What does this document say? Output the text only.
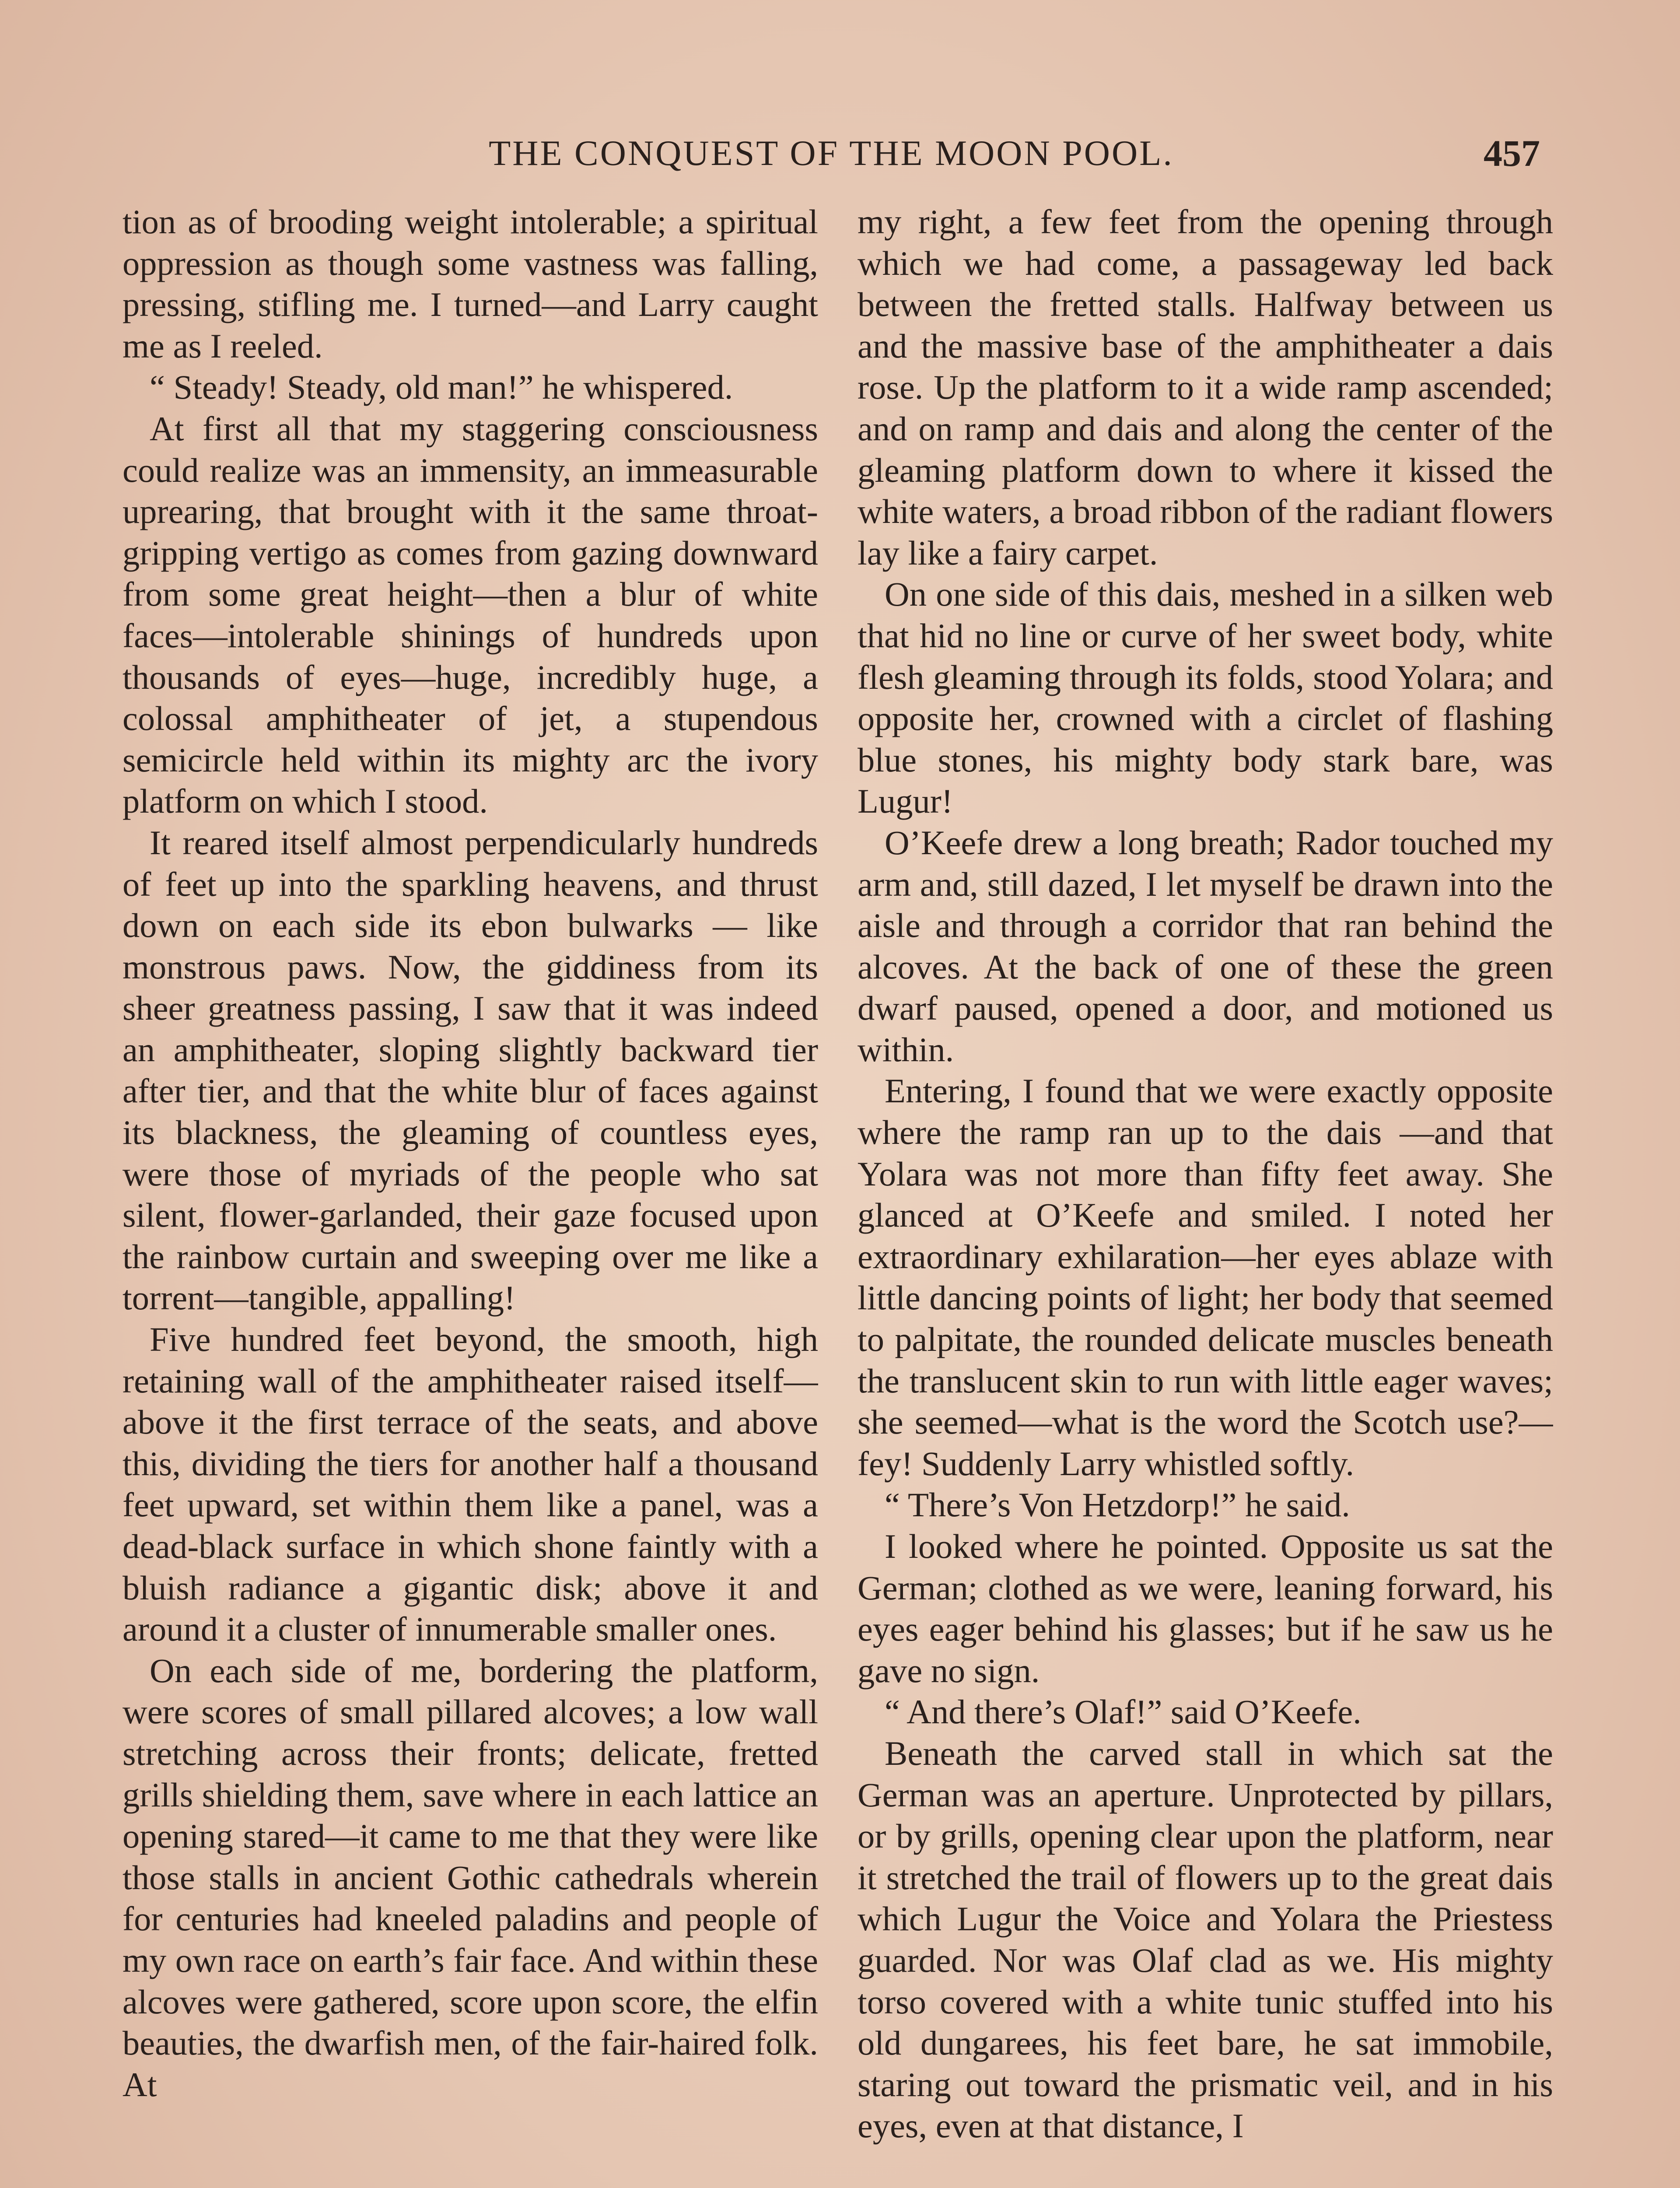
THE CONQUEST OF THE MOON POOL.	457

tion as of brooding weight intolerable; a spiritual oppression as though some vastness was falling, pressing, stifling me. I turned—and Larry caught me as I reeled.

“ Steady! Steady, old man!” he whispered.

At first all that my staggering consciousness could realize was an immensity, an immeasurable uprearing, that brought with it the same throat-gripping vertigo as comes from gazing downward from some great height—then a blur of white faces—intolerable shinings of hundreds upon thousands of eyes—huge, incredibly huge, a colossal amphitheater of jet, a stupendous semicircle held within its mighty arc the ivory platform on which I stood.

It reared itself almost perpendicularly hundreds of feet up into the sparkling heavens, and thrust down on each side its ebon bulwarks — like monstrous paws. Now, the giddiness from its sheer greatness passing, I saw that it was indeed an amphitheater, sloping slightly backward tier after tier, and that the white blur of faces against its blackness, the gleaming of countless eyes, were those of myriads of the people who sat silent, flower-garlanded, their gaze focused upon the rainbow curtain and sweeping over me like a torrent—tangible, appalling!

Five hundred feet beyond, the smooth, high retaining wall of the amphitheater raised itself—above it the first terrace of the seats, and above this, dividing the tiers for another half a thousand feet upward, set within them like a panel, was a dead-black surface in which shone faintly with a bluish radiance a gigantic disk; above it and around it a cluster of innumerable smaller ones.

On each side of me, bordering the platform, were scores of small pillared alcoves; a low wall stretching across their fronts; delicate, fretted grills shielding them, save where in each lattice an opening stared—it came to me that they were like those stalls in ancient Gothic cathedrals wherein for centuries had kneeled paladins and people of my own race on earth’s fair face. And within these alcoves were gathered, score upon score, the elfin beauties, the dwarfish men, of the fair-haired folk. At

my right, a few feet from the opening through which we had come, a passageway led back between the fretted stalls. Halfway between us and the massive base of the amphitheater a dais rose. Up the platform to it a wide ramp ascended; and on ramp and dais and along the center of the gleaming platform down to where it kissed the white waters, a broad ribbon of the radiant flowers lay like a fairy carpet.

On one side of this dais, meshed in a silken web that hid no line or curve of her sweet body, white flesh gleaming through its folds, stood Yolara; and opposite her, crowned with a circlet of flashing blue stones, his mighty body stark bare, was Lugur!

O’Keefe drew a long breath; Rador touched my arm and, still dazed, I let myself be drawn into the aisle and through a corridor that ran behind the alcoves. At the back of one of these the green dwarf paused, opened a door, and motioned us within.

Entering, I found that we were exactly opposite where the ramp ran up to the dais —and that Yolara was not more than fifty feet away. She glanced at O’Keefe and smiled. I noted her extraordinary exhilaration—her eyes ablaze with little dancing points of light; her body that seemed to palpitate, the rounded delicate muscles beneath the translucent skin to run with little eager waves; she seemed—what is the word the Scotch use?—fey! Suddenly Larry whistled softly.

“ There’s Von Hetzdorp!” he said.

I looked where he pointed. Opposite us sat the German; clothed as we were, leaning forward, his eyes eager behind his glasses; but if he saw us he gave no sign.

“ And there’s Olaf!” said O’Keefe.

Beneath the carved stall in which sat the German was an aperture. Unprotected by pillars, or by grills, opening clear upon the platform, near it stretched the trail of flowers up to the great dais which Lugur the Voice and Yolara the Priestess guarded. Nor was Olaf clad as we. His mighty torso covered with a white tunic stuffed into his old dungarees, his feet bare, he sat immobile, staring out toward the prismatic veil, and in his eyes, even at that distance, I
